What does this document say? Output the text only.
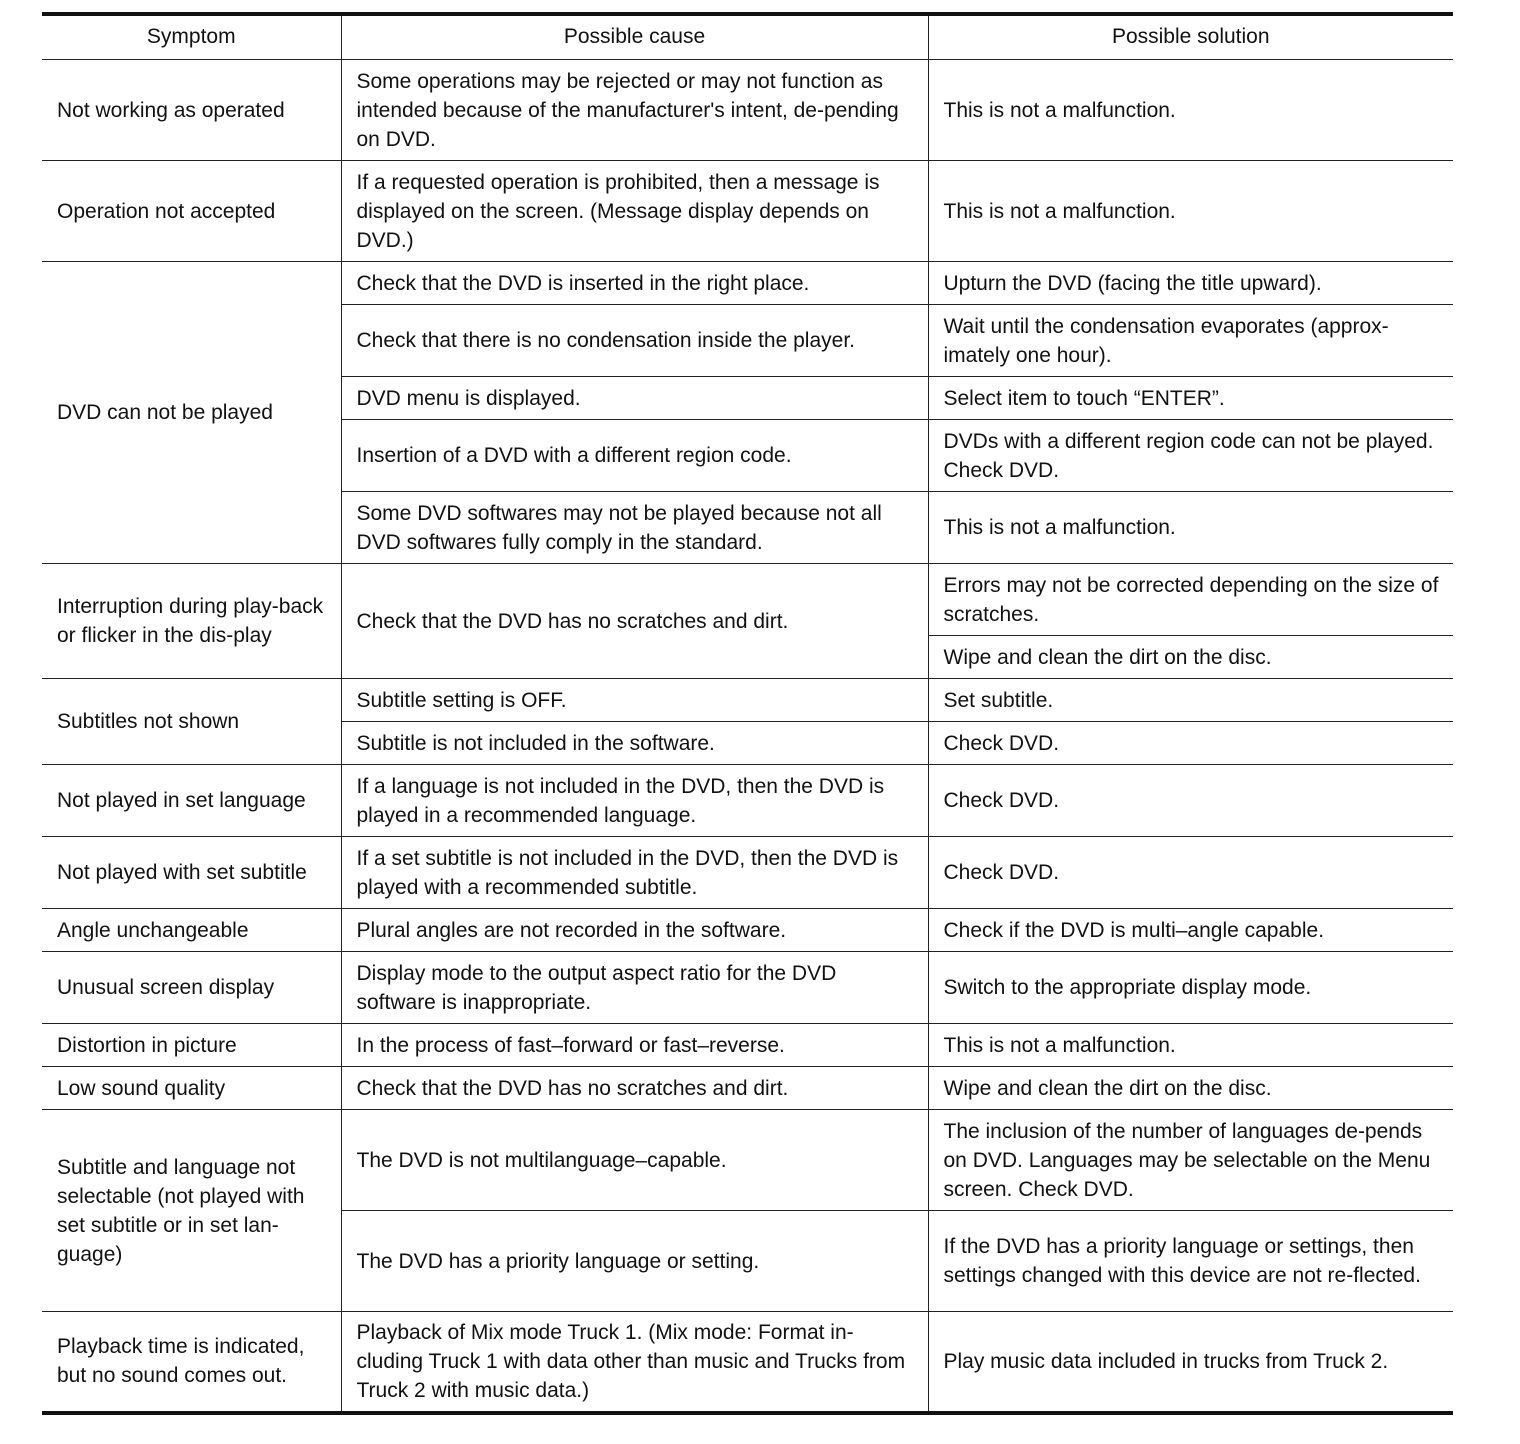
Symptom	Possible cause	Possible solution
Not working as operated	Some operations may be rejected or may not function as intended because of the manufacturer's intent, de-pending on DVD.	This is not a malfunction.
Operation not accepted	If a requested operation is prohibited, then a message is displayed on the screen. (Message display depends on DVD.)	This is not a malfunction.
DVD can not be played	Check that the DVD is inserted in the right place.	Upturn the DVD (facing the title upward).
	Check that there is no condensation inside the player.	Wait until the condensation evaporates (approx-imately one hour).
	DVD menu is displayed.	Select item to touch “ENTER”.
	Insertion of a DVD with a different region code.	DVDs with a different region code can not be played. Check DVD.
	Some DVD softwares may not be played because not all DVD softwares fully comply in the standard.	This is not a malfunction.
Interruption during play-back or flicker in the dis-play	Check that the DVD has no scratches and dirt.	Errors may not be corrected depending on the size of scratches.
		Wipe and clean the dirt on the disc.
Subtitles not shown	Subtitle setting is OFF.	Set subtitle.
	Subtitle is not included in the software.	Check DVD.
Not played in set language	If a language is not included in the DVD, then the DVD is played in a recommended language.	Check DVD.
Not played with set subtitle	If a set subtitle is not included in the DVD, then the DVD is played with a recommended subtitle.	Check DVD.
Angle unchangeable	Plural angles are not recorded in the software.	Check if the DVD is multi–angle capable.
Unusual screen display	Display mode to the output aspect ratio for the DVD software is inappropriate.	Switch to the appropriate display mode.
Distortion in picture	In the process of fast–forward or fast–reverse.	This is not a malfunction.
Low sound quality	Check that the DVD has no scratches and dirt.	Wipe and clean the dirt on the disc.
Subtitle and language not selectable (not played with set subtitle or in set lan-guage)	The DVD is not multilanguage–capable.	The inclusion of the number of languages de-pends on DVD. Languages may be selectable on the Menu screen. Check DVD.
	The DVD has a priority language or setting.	If the DVD has a priority language or settings, then settings changed with this device are not re-flected.
Playback time is indicated, but no sound comes out.	Playback of Mix mode Truck 1. (Mix mode: Format in-cluding Truck 1 with data other than music and Trucks from Truck 2 with music data.)	Play music data included in trucks from Truck 2.
